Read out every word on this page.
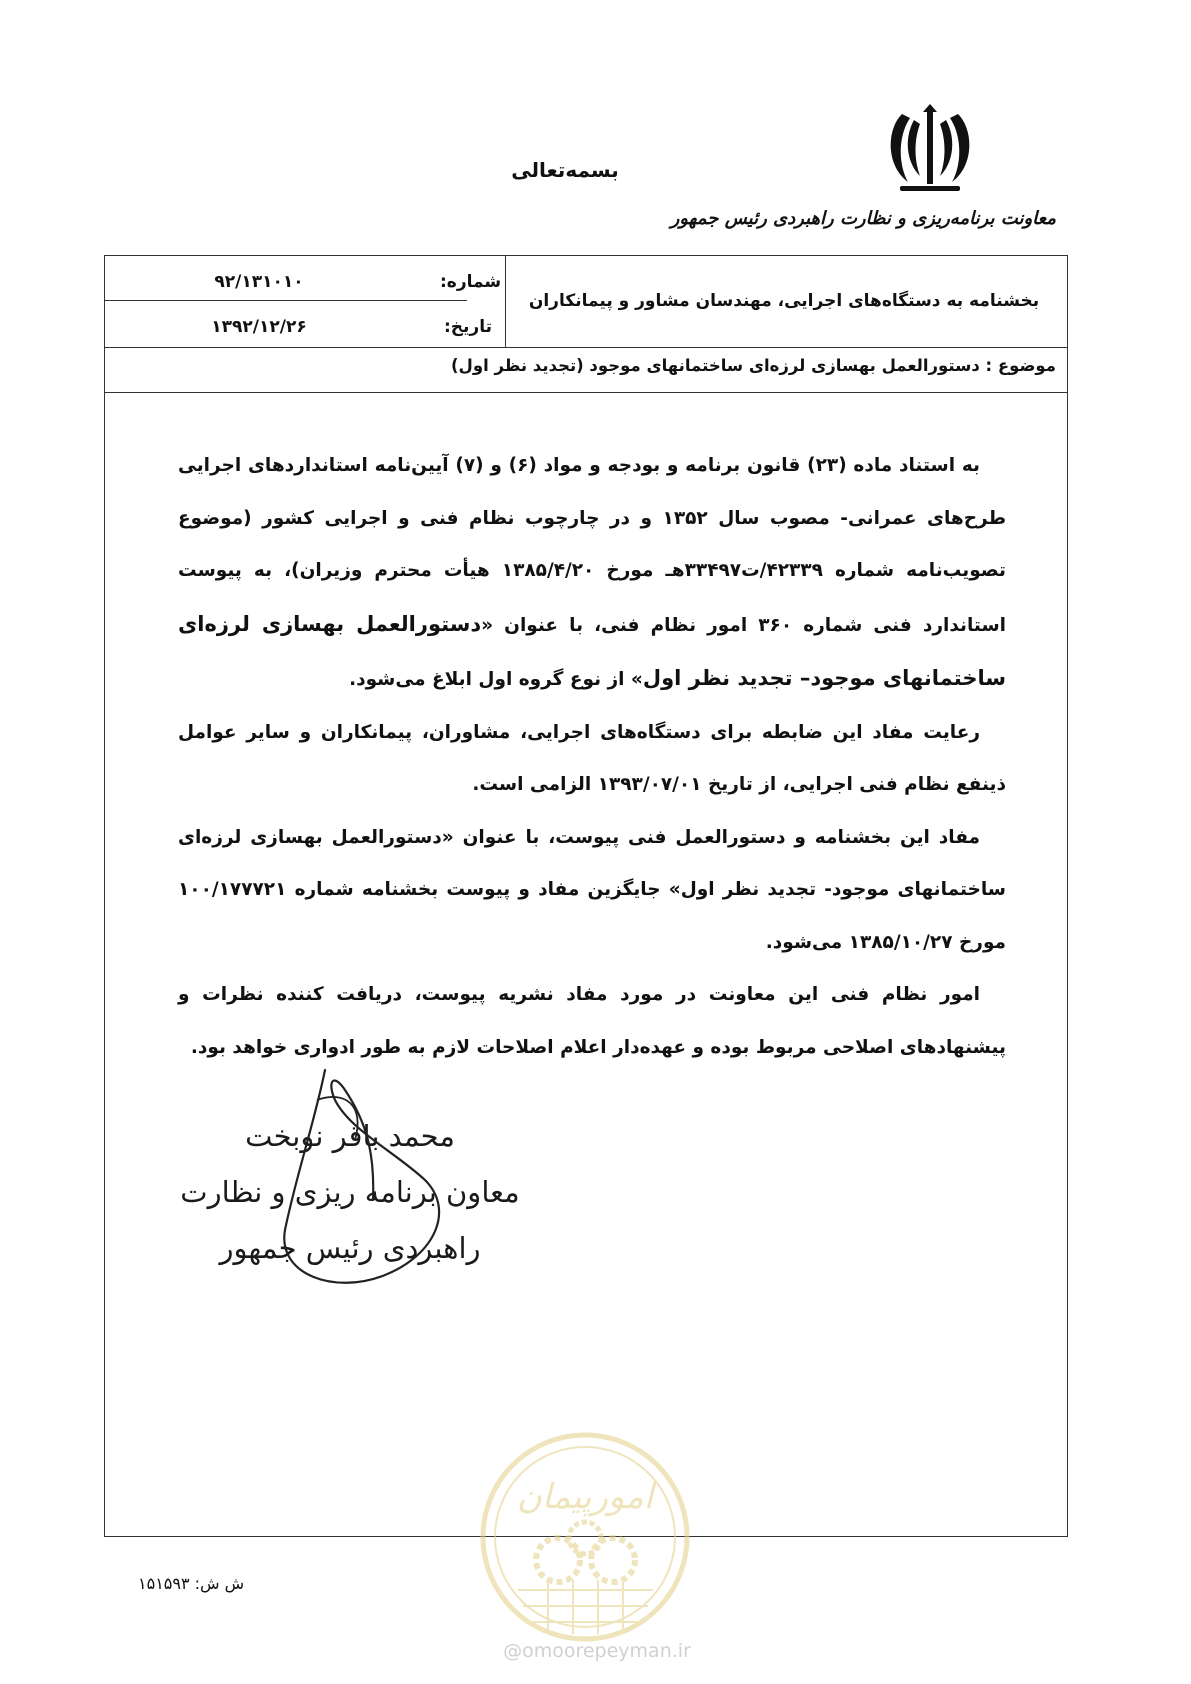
بسمه‌تعالی
معاونت برنامه‌ریزی و نظارت راهبردی رئیس جمهور
بخشنامه به دستگاه‌های اجرایی، مهندسان مشاور و پیمانکاران
شماره:
۹۲/۱۳۱۰۱۰
تاریخ:
۱۳۹۲/۱۲/۲۶
موضوع : دستورالعمل بهسازی لرزه‌ای ساختمانهای موجود (تجدید نظر اول)

به استناد ماده (۲۳) قانون برنامه و بودجه و مواد (۶) و (۷) آیین‌نامه استانداردهای اجرایی طرح‌های عمرانی- مصوب سال ۱۳۵۲ و در چارچوب نظام فنی و اجرایی کشور (موضوع تصویب‌نامه شماره ۴۲۳۳۹/ت۳۳۴۹۷هـ مورخ ۱۳۸۵/۴/۲۰ هیأت محترم وزیران)، به پیوست استاندارد فنی شماره ۳۶۰ امور نظام فنی، با عنوان «دستورالعمل بهسازی لرزه‌ای ساختمانهای موجود– تجدید نظر اول» از نوع گروه اول ابلاغ می‌شود.

رعایت مفاد این ضابطه برای دستگاه‌های اجرایی، مشاوران، پیمانکاران و سایر عوامل ذینفع نظام فنی اجرایی، از تاریخ ۱۳۹۳/۰۷/۰۱ الزامی است.

مفاد این بخشنامه و دستورالعمل فنی پیوست، با عنوان «دستورالعمل بهسازی لرزه‌ای ساختمانهای موجود- تجدید نظر اول» جایگزین مفاد و پیوست بخشنامه شماره ۱۰۰/۱۷۷۷۲۱ مورخ ۱۳۸۵/۱۰/۲۷ می‌شود.

امور نظام فنی این معاونت در مورد مفاد نشریه پیوست، دریافت کننده نظرات و پیشنهادهای اصلاحی مربوط بوده و عهده‌دار اعلام اصلاحات لازم به طور ادواری خواهد بود.

محمد باقر نوبخت
معاون برنامه ریزی و نظارت
راهبردی رئیس جمهور
امورپیمان
ش ش: ۱۵۱۵۹۳
@omoorepeyman.ir
